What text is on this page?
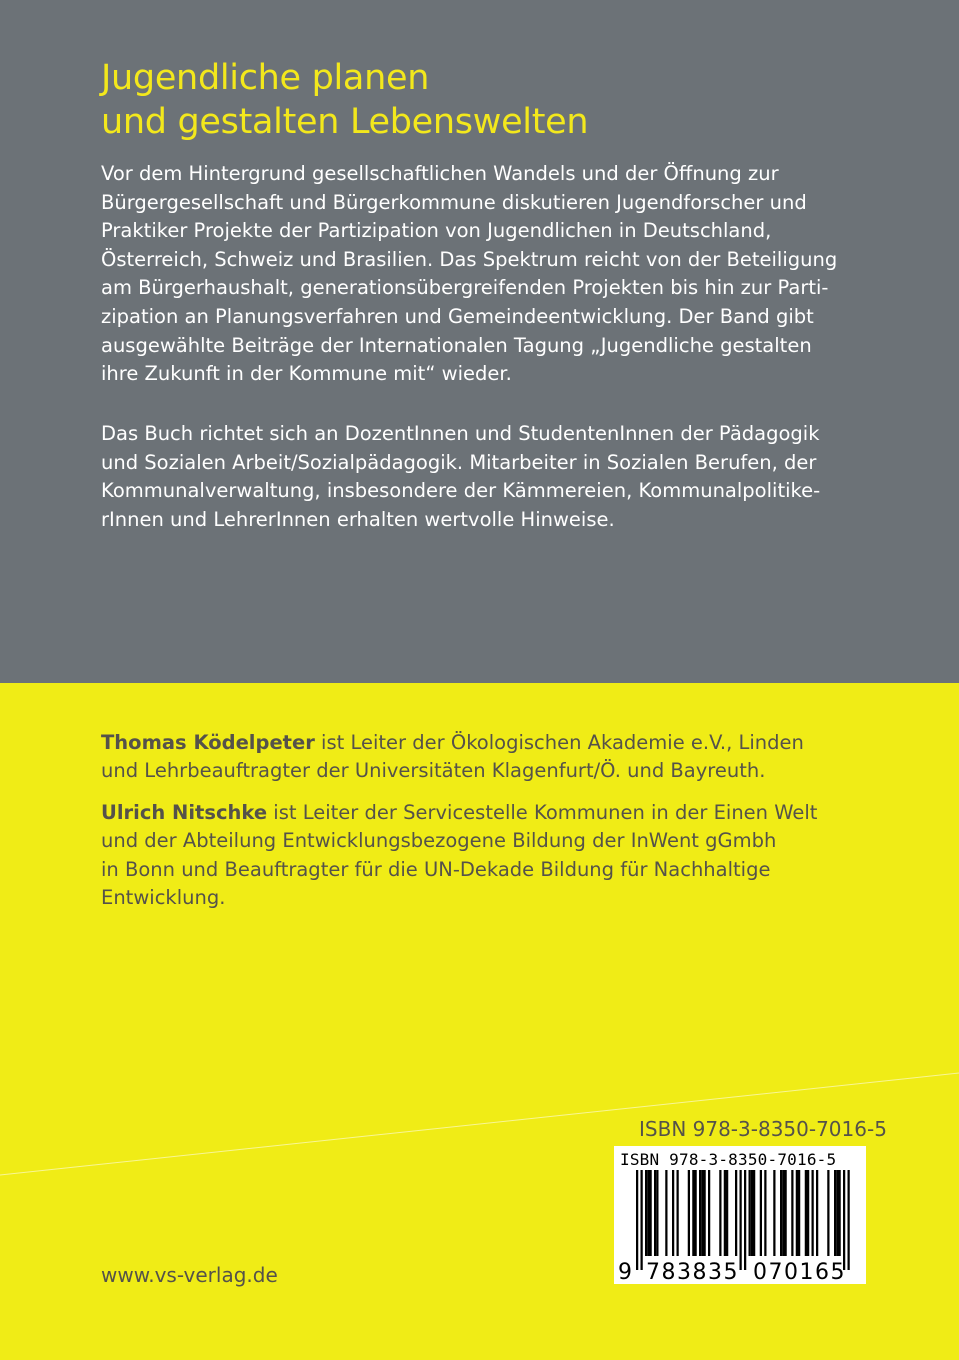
Jugendliche planen
und gestalten Lebenswelten

Vor dem Hintergrund gesellschaftlichen Wandels und der Öffnung zur
Bürgergesellschaft und Bürgerkommune diskutieren Jugendforscher und
Praktiker Projekte der Partizipation von Jugendlichen in Deutschland,
Österreich, Schweiz und Brasilien. Das Spektrum reicht von der Beteiligung
am Bürgerhaushalt, generationsübergreifenden Projekten bis hin zur Parti-
zipation an Planungsverfahren und Gemeindeentwicklung. Der Band gibt
ausgewählte Beiträge der Internationalen Tagung „Jugendliche gestalten
ihre Zukunft in der Kommune mit“ wieder.

Das Buch richtet sich an DozentInnen und StudentenInnen der Pädagogik
und Sozialen Arbeit/Sozialpädagogik. Mitarbeiter in Sozialen Berufen, der
Kommunalverwaltung, insbesondere der Kämmereien, Kommunalpolitike-
rInnen und LehrerInnen erhalten wertvolle Hinweise.

Thomas Ködelpeter ist Leiter der Ökologischen Akademie e.V., Linden
und Lehrbeauftragter der Universitäten Klagenfurt/Ö. und Bayreuth.

Ulrich Nitschke ist Leiter der Servicestelle Kommunen in der Einen Welt
und der Abteilung Entwicklungsbezogene Bildung der InWent gGmbh
in Bonn und Beauftragter für die UN-Dekade Bildung für Nachhaltige
Entwicklung.

ISBN 978-3-8350-7016-5

ISBN 978-3-8350-7016-5

9 783835 070165
www.vs-verlag.de
